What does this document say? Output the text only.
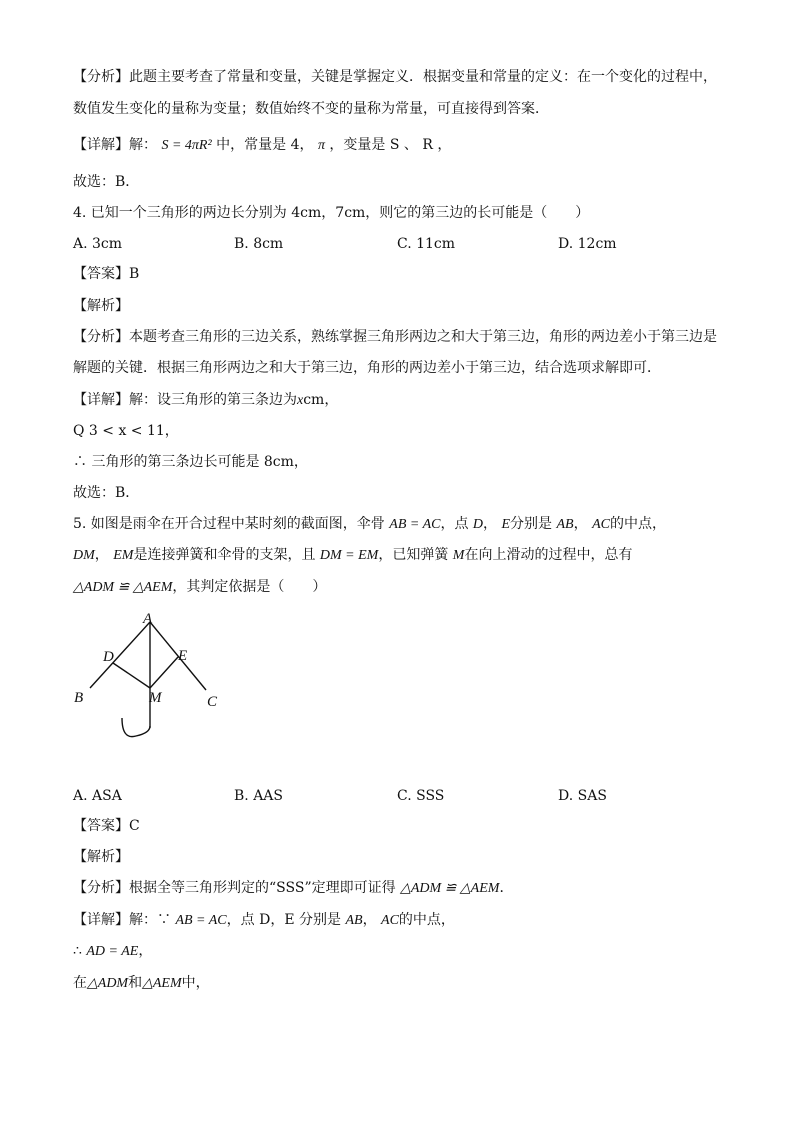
【分析】此题主要考查了常量和变量，关键是掌握定义．根据变量和常量的定义：在一个变化的过程中，
数值发生变化的量称为变量；数值始终不变的量称为常量，可直接得到答案．
【详解】解： S = 4πR² 中，常量是 4， π ，变量是 S 、 R ，
故选：B．
4. 已知一个三角形的两边长分别为 4cm，7cm，则它的第三边的长可能是（　　）
A. 3cm	B. 8cm	C. 11cm	D. 12cm
【答案】B
【解析】
【分析】本题考查三角形的三边关系，熟练掌握三角形两边之和大于第三边，角形的两边差小于第三边是
解题的关键．根据三角形两边之和大于第三边，角形的两边差小于第三边，结合选项求解即可．
【详解】解：设三角形的第三条边为xcm，
Q 3 < x < 11，
∴ 三角形的第三条边长可能是 8cm，
故选：B．
5. 如图是雨伞在开合过程中某时刻的截面图，伞骨 AB = AC，点 D， E分别是 AB， AC的中点，
DM， EM是连接弹簧和伞骨的支架，且 DM = EM，已知弹簧 M在向上滑动的过程中，总有
△ADM ≌ △AEM，其判定依据是（　　）
A
D	E
M
B	C
A. ASA	B. AAS	C. SSS	D. SAS
【答案】C
【解析】
【分析】根据全等三角形判定的“SSS”定理即可证得 △ADM ≌ △AEM．
【详解】解：∵ AB = AC，点 D，E 分别是 AB， AC的中点，
∴ AD = AE，
在△ADM和△AEM中，
